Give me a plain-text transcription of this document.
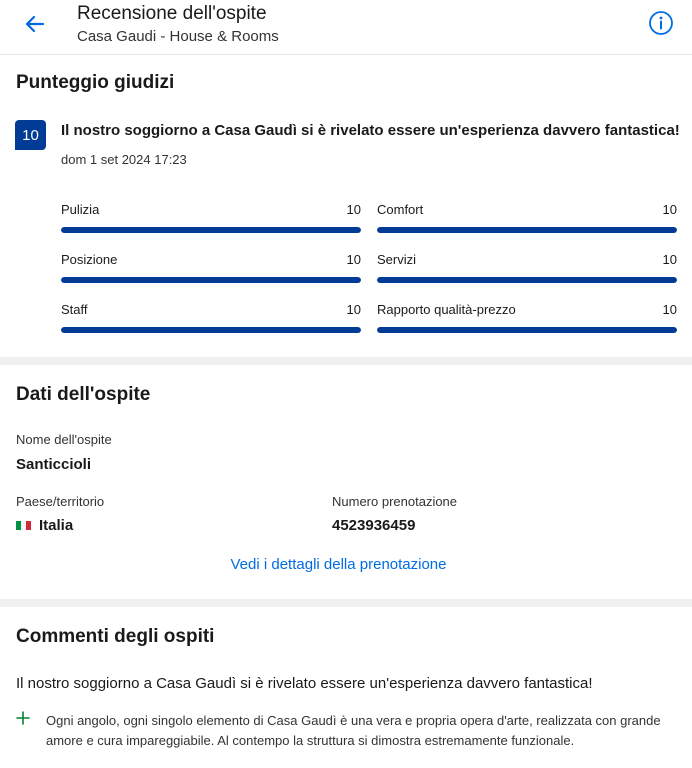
Recensione dell'ospite
Casa Gaudi - House & Rooms
Punteggio giudizi
10	Il nostro soggiorno a Casa Gaudì si è rivelato essere un'esperienza davvero fantastica!
dom 1 set 2024 17:23
Pulizia	10 Comfort	10
Posizione	10 Servizi	10
Staff	10 Rapporto qualità-prezzo	10
Dati dell'ospite
Nome dell'ospite
Santiccioli
Paese/territorio
Italia
Numero prenotazione
4523936459
Vedi i dettagli della prenotazione
Commenti degli ospiti
Il nostro soggiorno a Casa Gaudì si è rivelato essere un'esperienza davvero fantastica!
Ogni angolo, ogni singolo elemento di Casa Gaudì è una vera e propria opera d'arte, realizzata con grande amore e cura impareggiabile. Al contempo la struttura si dimostra estremamente funzionale.
